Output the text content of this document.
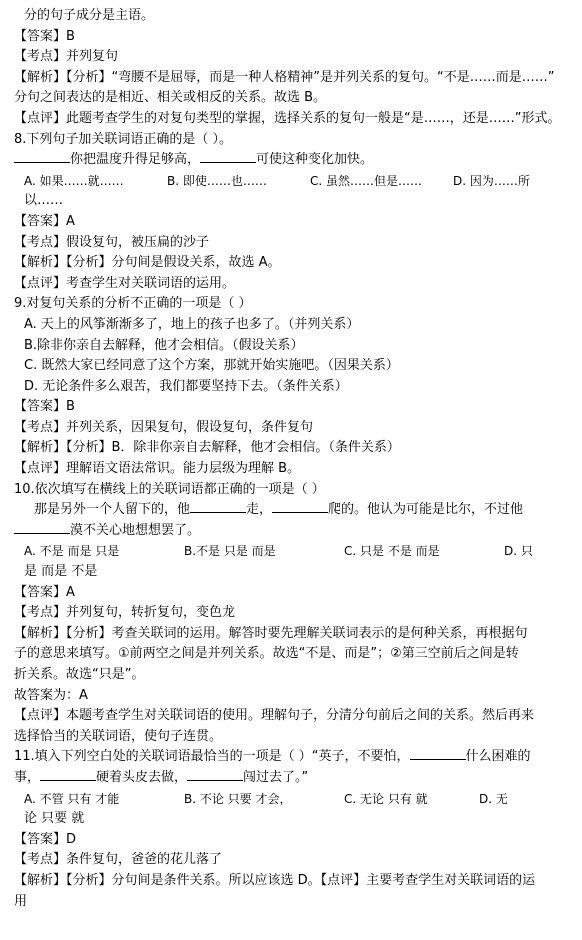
分的句子成分是主语。
【答案】B
【考点】并列复句
【解析】【分析】“弯腰不是屈辱，而是一种人格精神”是并列关系的复句。“不是……而是……”
分句之间表达的是相近、相关或相反的关系。故选 B。
【点评】此题考查学生的对复句类型的掌握，选择关系的复句一般是“是……，还是……”形式。
8.下列句子加关联词语正确的是（ ）。
你把温度升得足够高，	可使这种变化加快。
A. 如果……就……	B. 即使……也……	C. 虽然……但是……	D. 因为……所
以……
【答案】A
【考点】假设复句，被压扁的沙子
【解析】【分析】分句间是假设关系，故选 A。
【点评】考查学生对关联词语的运用。
9.对复句关系的分析不正确的一项是（ ）
A. 天上的风筝渐渐多了，地上的孩子也多了。（并列关系）
B.除非你亲自去解释，他才会相信。（假设关系）
C. 既然大家已经同意了这个方案，那就开始实施吧。（因果关系）
D. 无论条件多么艰苦，我们都要坚持下去。（条件关系）
【答案】B
【考点】并列关系，因果复句，假设复句，条件复句
【解析】【分析】B．除非你亲自去解释，他才会相信。（条件关系）
【点评】理解语文语法常识。能力层级为理解 B。
10.依次填写在横线上的关联词语都正确的一项是（ ）
那是另外一个人留下的，他	走，	爬的。他认为可能是比尔，不过他
漠不关心地想想罢了。
A. 不是 而是 只是	B.不是 只是 而是	C. 只是 不是 而是	D. 只
是 而是 不是
【答案】A
【考点】并列复句，转折复句，变色龙
【解析】【分析】考查关联词的运用。解答时要先理解关联词表示的是何种关系，再根据句
子的意思来填写。①前两空之间是并列关系。故选“不是、而是”；②第三空前后之间是转
折关系。故选“只是”。
故答案为：A
【点评】本题考查学生对关联词语的使用。理解句子，分清分句前后之间的关系。然后再来
选择恰当的关联词语，使句子连贯。
11.填入下列空白处的关联词语最恰当的一项是（ ）“英子，不要怕，	什么困难的
事，	硬着头皮去做，	闯过去了。”
A. 不管 只有 才能	B. 不论 只要 才会，	C. 无论 只有 就	D. 无
论 只要 就
【答案】D
【考点】条件复句，爸爸的花儿落了
【解析】【分析】分句间是条件关系。所以应该选 D。【点评】主要考查学生对关联词语的运
用
